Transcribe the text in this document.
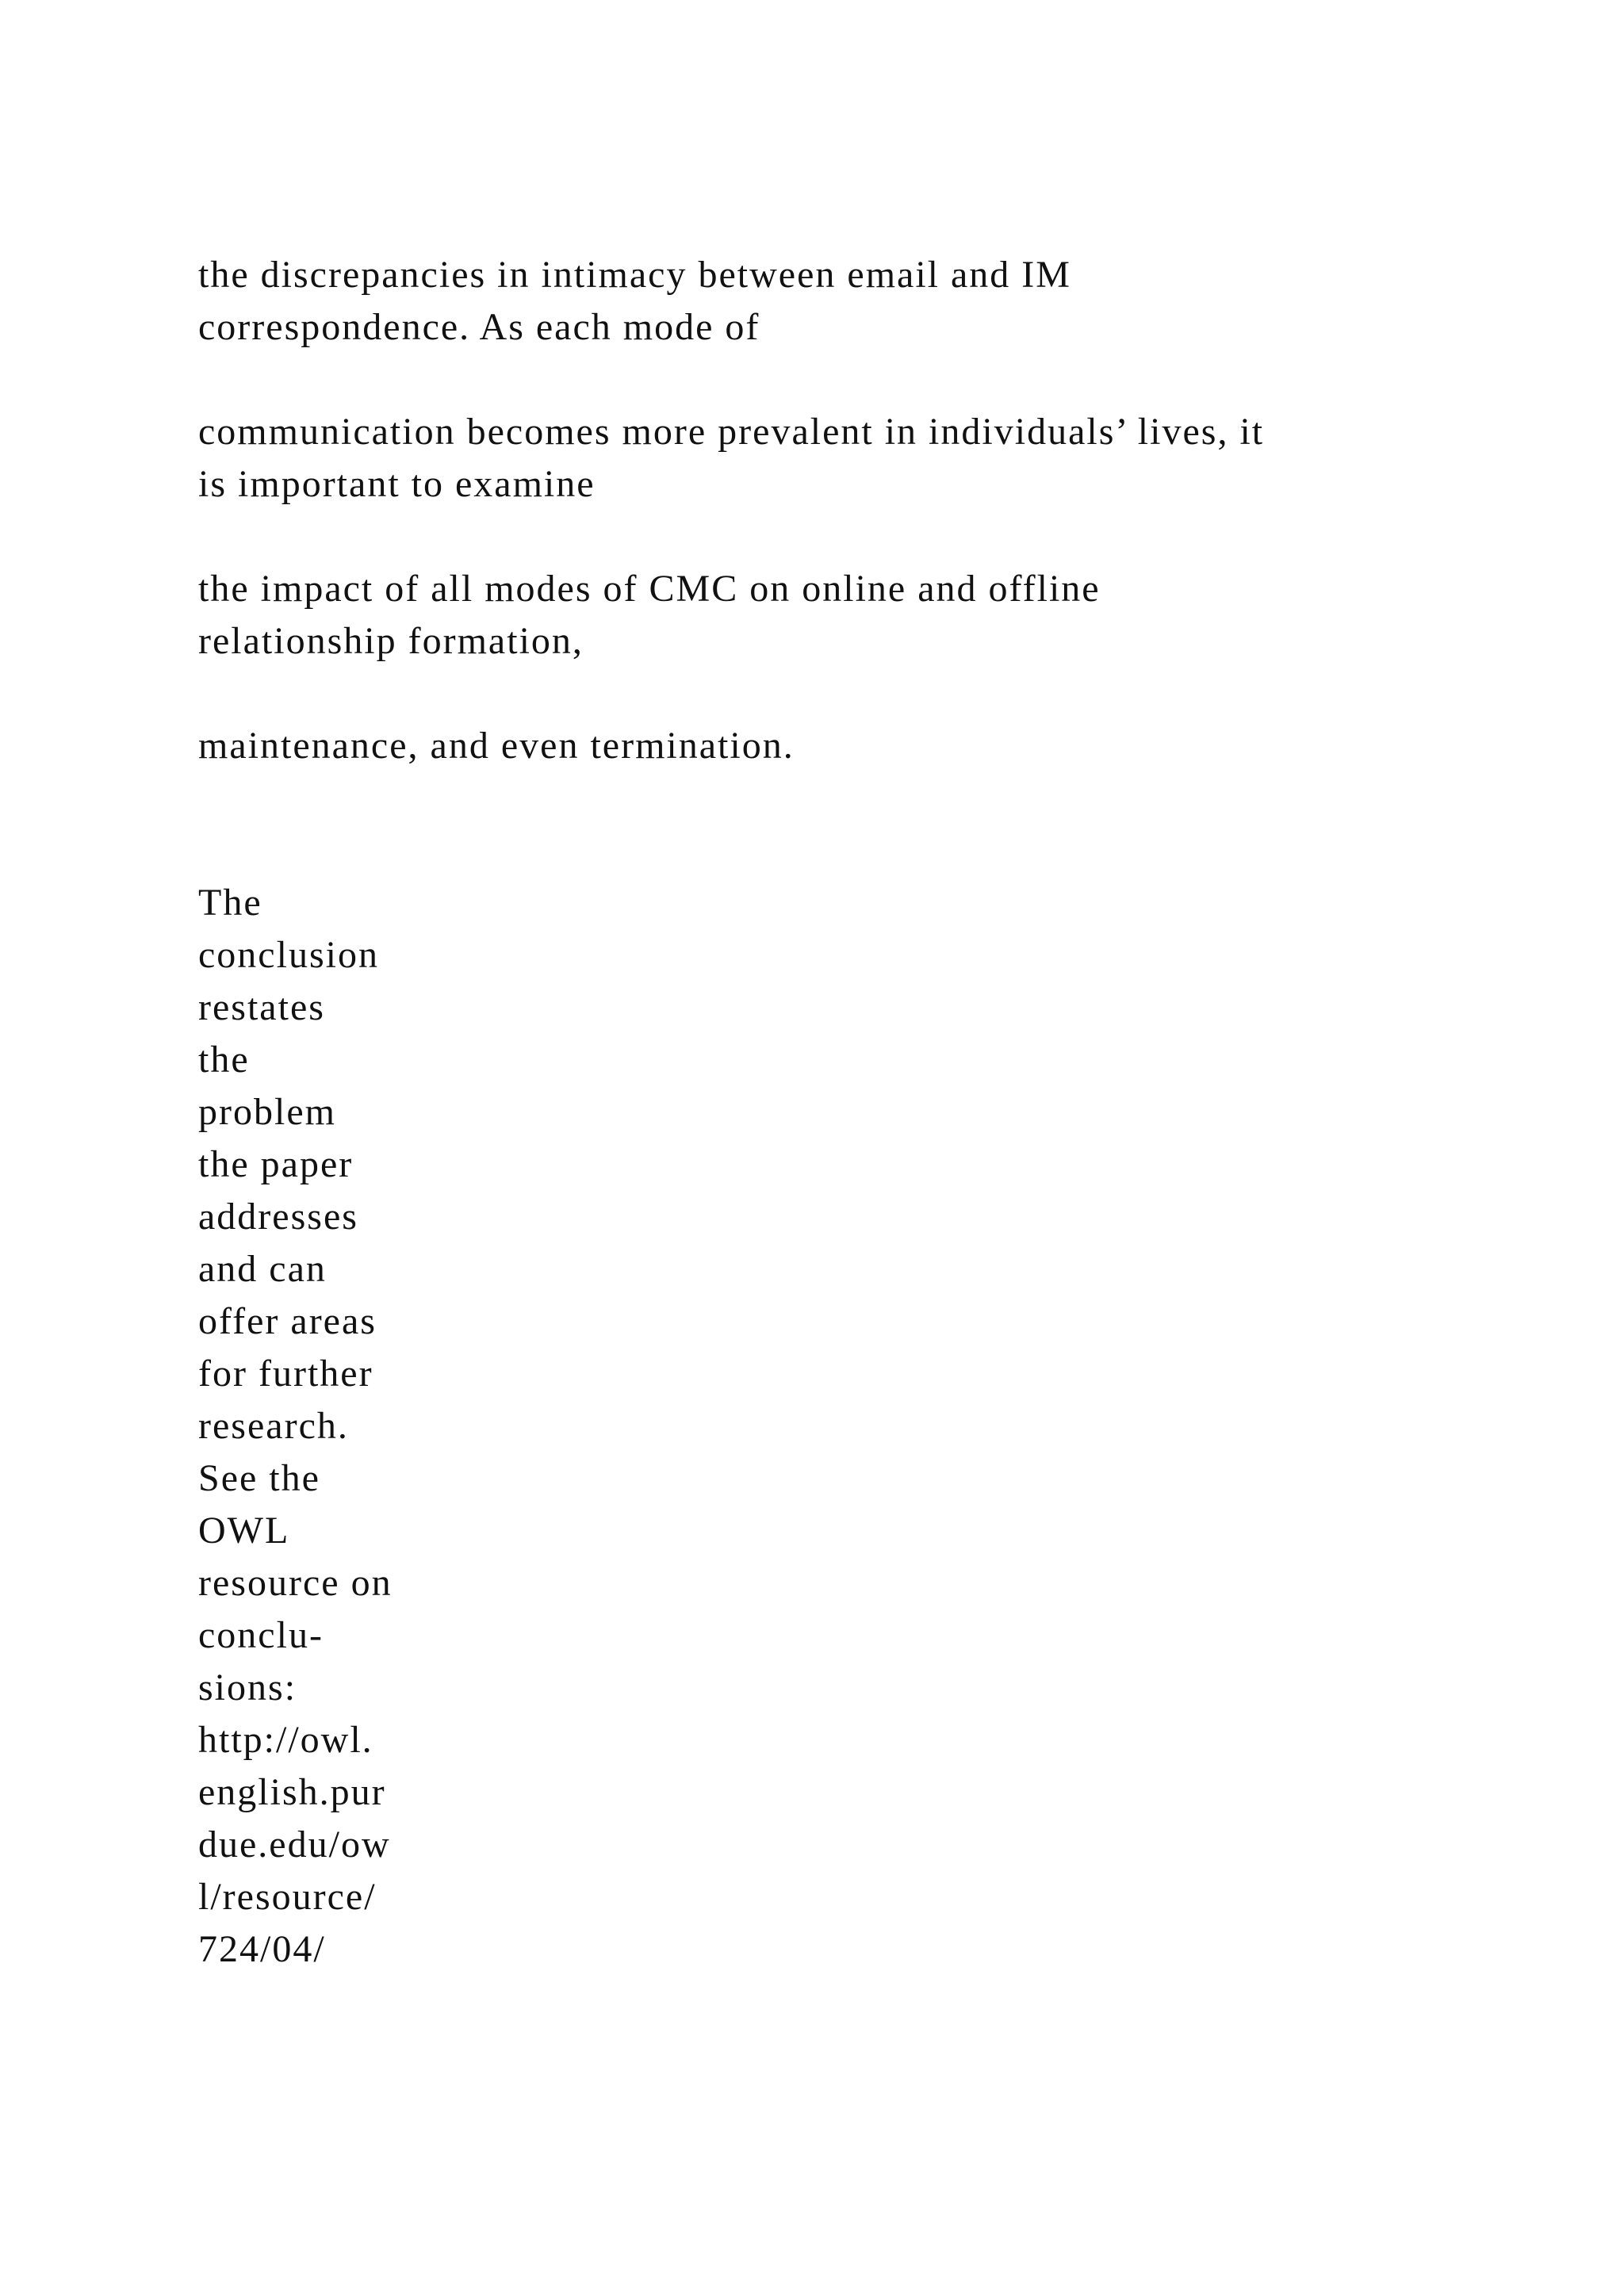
the discrepancies in intimacy between email and IM
correspondence. As each mode of
communication becomes more prevalent in individuals’ lives, it
is important to examine
the impact of all modes of CMC on online and offline
relationship formation,
maintenance, and even termination.
The
conclusion
restates
the
problem
the paper
addresses
and can
offer areas
for further
research.
See the
OWL
resource on
conclu-
sions:
http://owl.
english.pur
due.edu/ow
l/resource/
724/04/
